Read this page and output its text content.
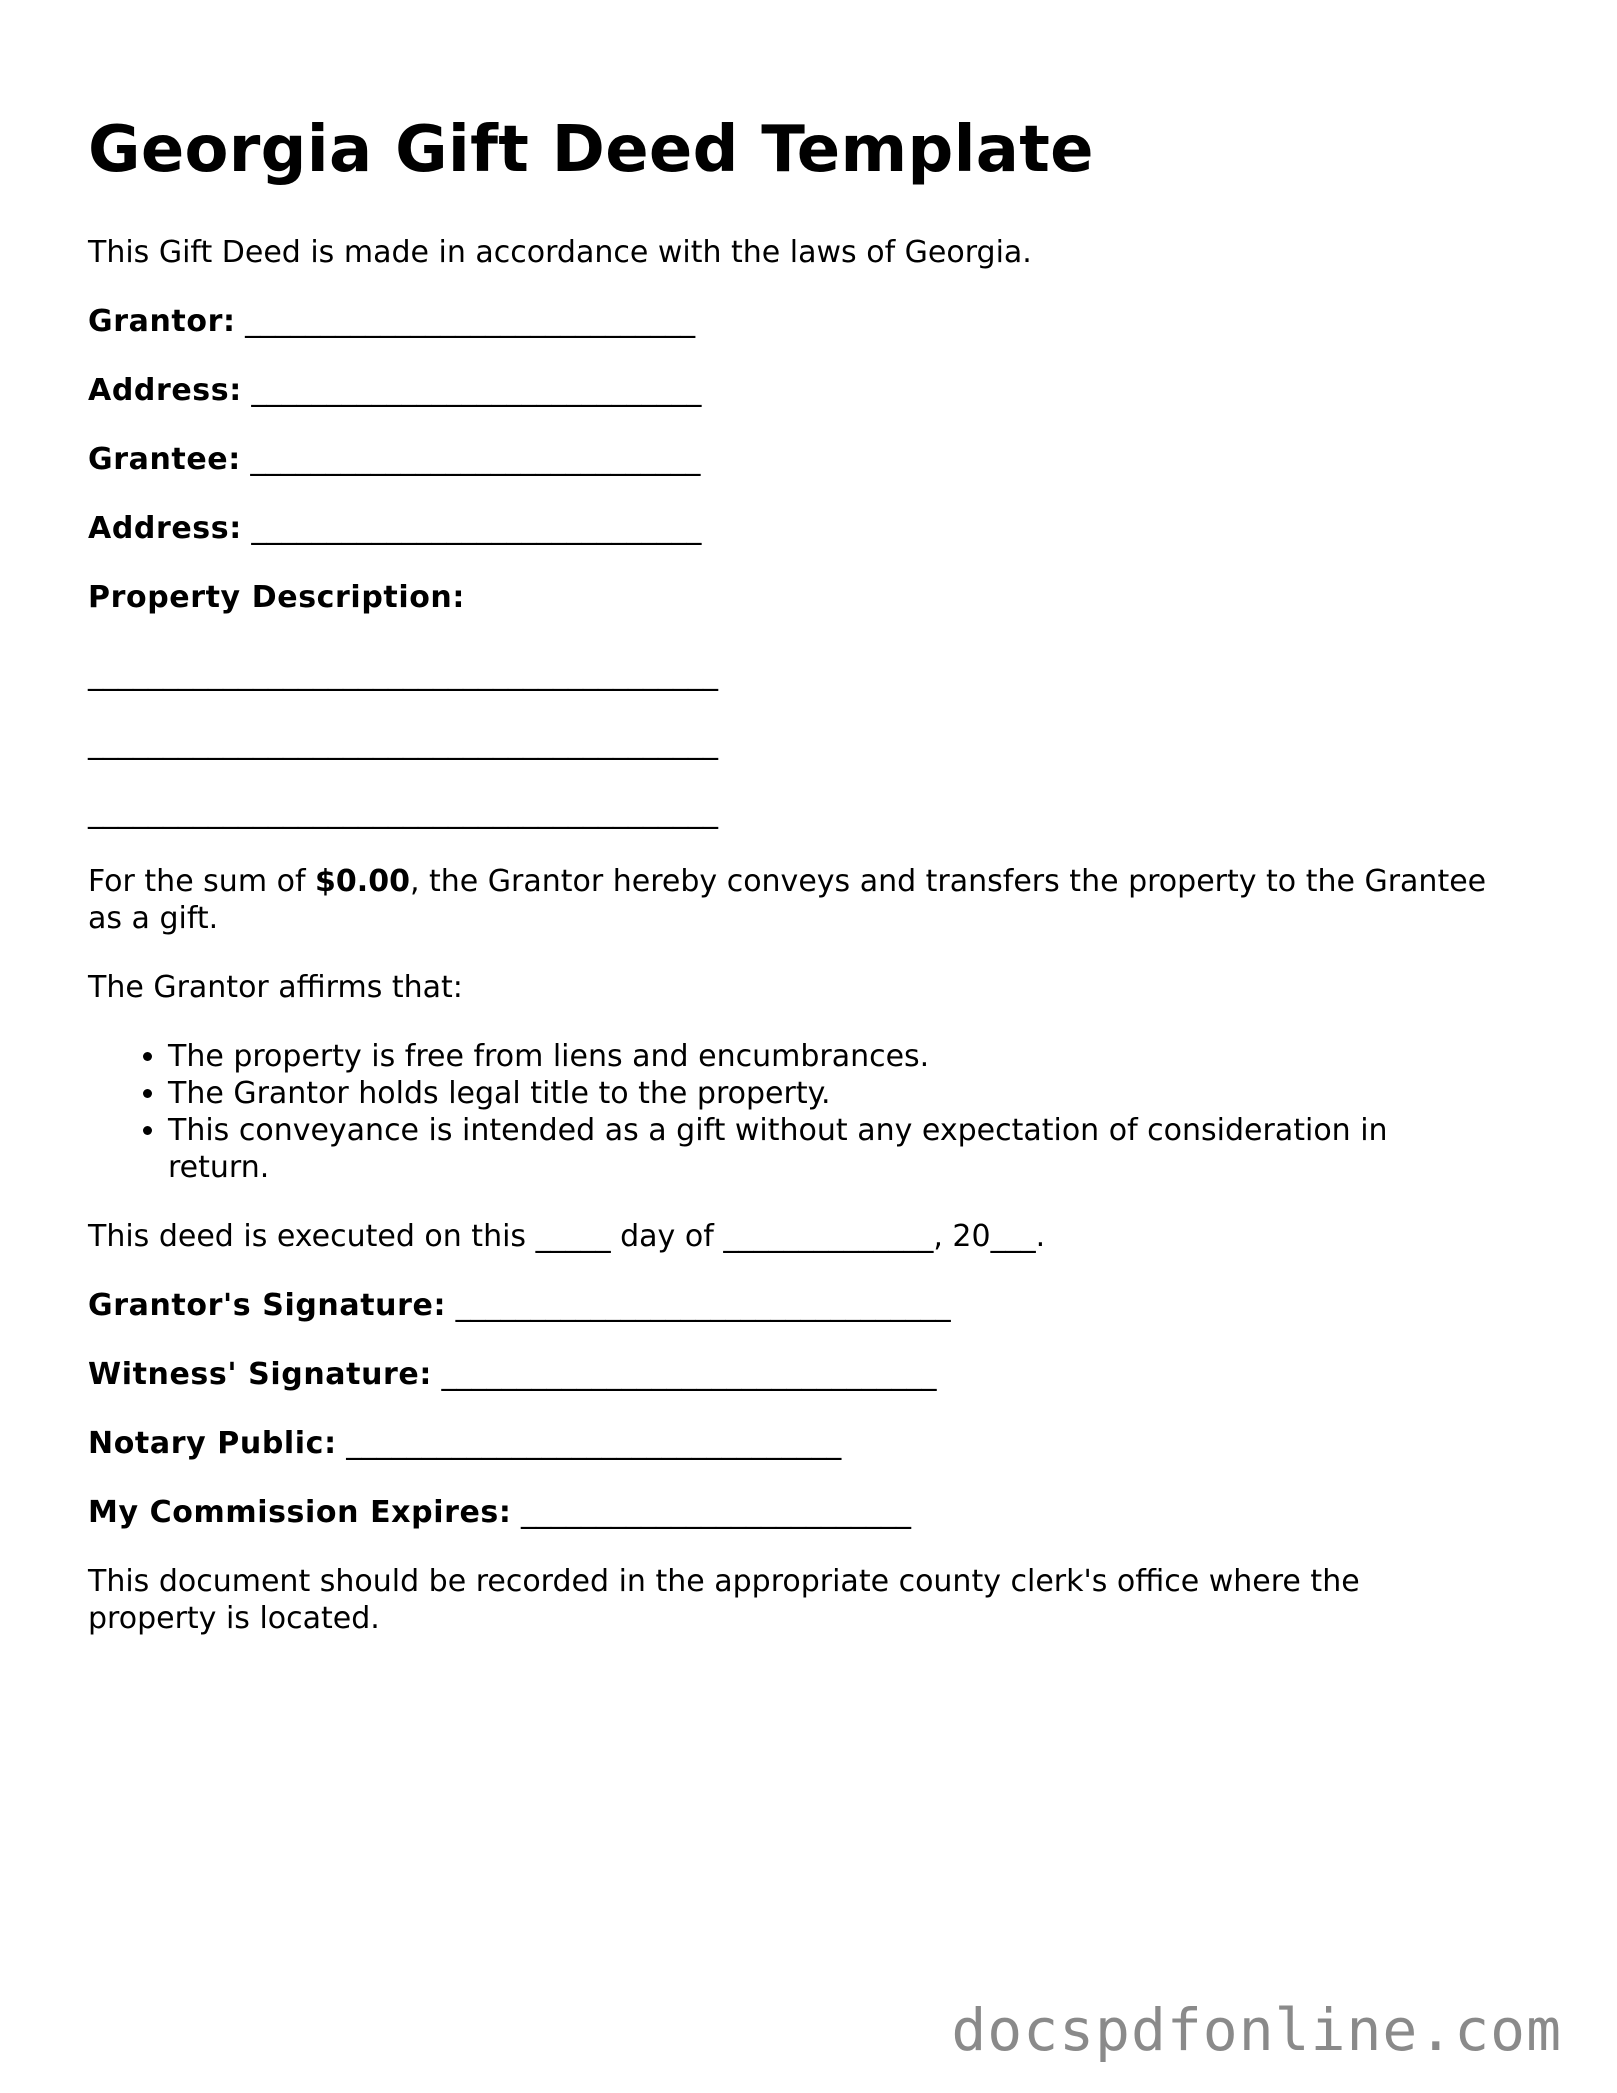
Georgia Gift Deed Template

This Gift Deed is made in accordance with the laws of Georgia.

Grantor: ______________________________

Address: ______________________________

Grantee: ______________________________

Address: ______________________________

Property Description:

__________________________________________

__________________________________________

__________________________________________

For the sum of $0.00, the Grantor hereby conveys and transfers the property to the Grantee as a gift.

The Grantor affirms that:

• The property is free from liens and encumbrances.
• The Grantor holds legal title to the property.
• This conveyance is intended as a gift without any expectation of consideration in return.

This deed is executed on this _____ day of ______________, 20___.

Grantor's Signature: _________________________________

Witness' Signature: _________________________________

Notary Public: _________________________________

My Commission Expires: __________________________

This document should be recorded in the appropriate county clerk's office where the property is located.

docspdfonline.com
